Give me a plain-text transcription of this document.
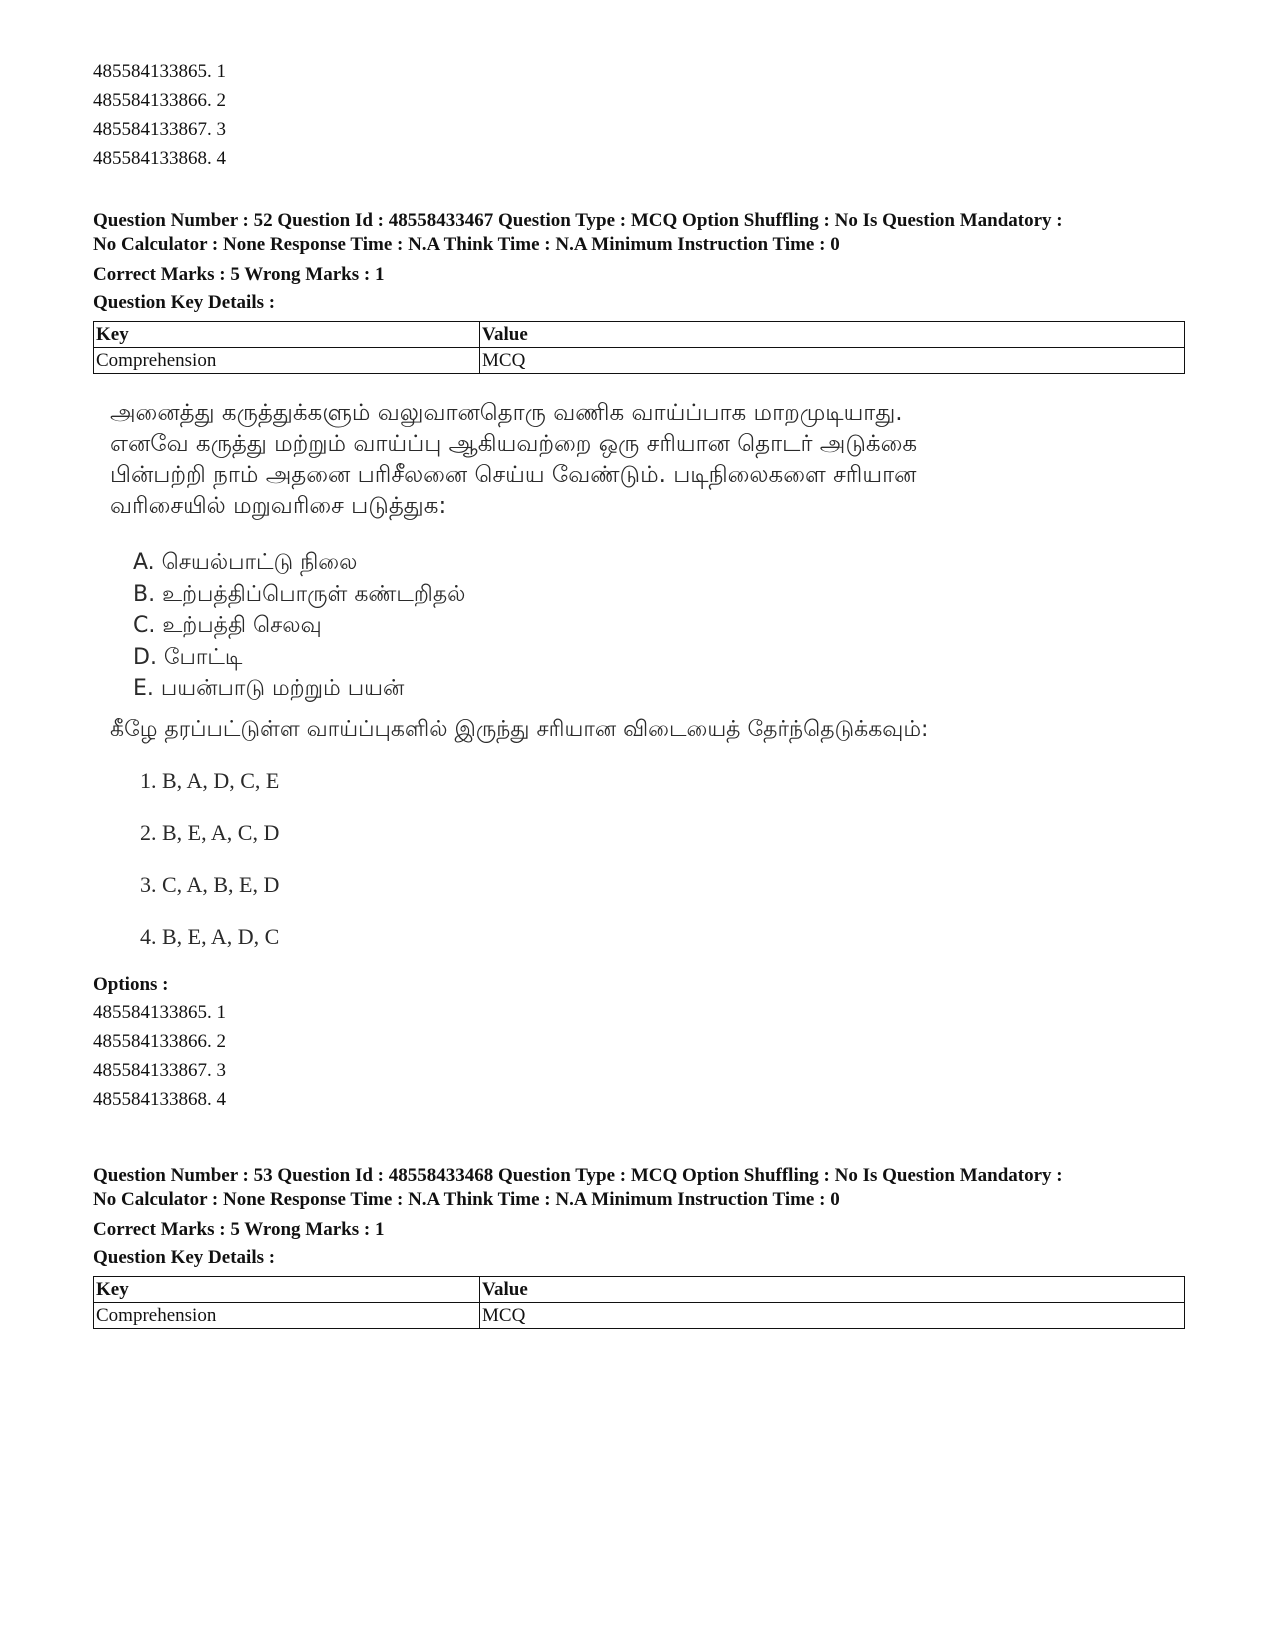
485584133865. 1
485584133866. 2
485584133867. 3
485584133868. 4
Question Number : 52 Question Id : 48558433467 Question Type : MCQ Option Shuffling : No Is Question Mandatory :
No Calculator : None Response Time : N.A Think Time : N.A Minimum Instruction Time : 0
Correct Marks : 5 Wrong Marks : 1
Question Key Details :
Key	Value
Comprehension	MCQ
அனைத்து கருத்துக்களும் வலுவானதொரு வணிக வாய்ப்பாக மாறமுடியாது.
எனவே கருத்து மற்றும் வாய்ப்பு ஆகியவற்றை ஒரு சரியான தொடர் அடுக்கை
பின்பற்றி நாம் அதனை பரிசீலனை செய்ய வேண்டும். படிநிலைகளை சரியான
வரிசையில் மறுவரிசை படுத்துக:
A. செயல்பாட்டு நிலை
B. உற்பத்திப்பொருள் கண்டறிதல்
C. உற்பத்தி செலவு
D. போட்டி
E. பயன்பாடு மற்றும் பயன்
கீழே தரப்பட்டுள்ள வாய்ப்புகளில் இருந்து சரியான விடையைத் தேர்ந்தெடுக்கவும்:
1. B, A, D, C, E
2. B, E, A, C, D
3. C, A, B, E, D
4. B, E, A, D, C
Options :
485584133865. 1
485584133866. 2
485584133867. 3
485584133868. 4
Question Number : 53 Question Id : 48558433468 Question Type : MCQ Option Shuffling : No Is Question Mandatory :
No Calculator : None Response Time : N.A Think Time : N.A Minimum Instruction Time : 0
Correct Marks : 5 Wrong Marks : 1
Question Key Details :
Key	Value
Comprehension	MCQ
